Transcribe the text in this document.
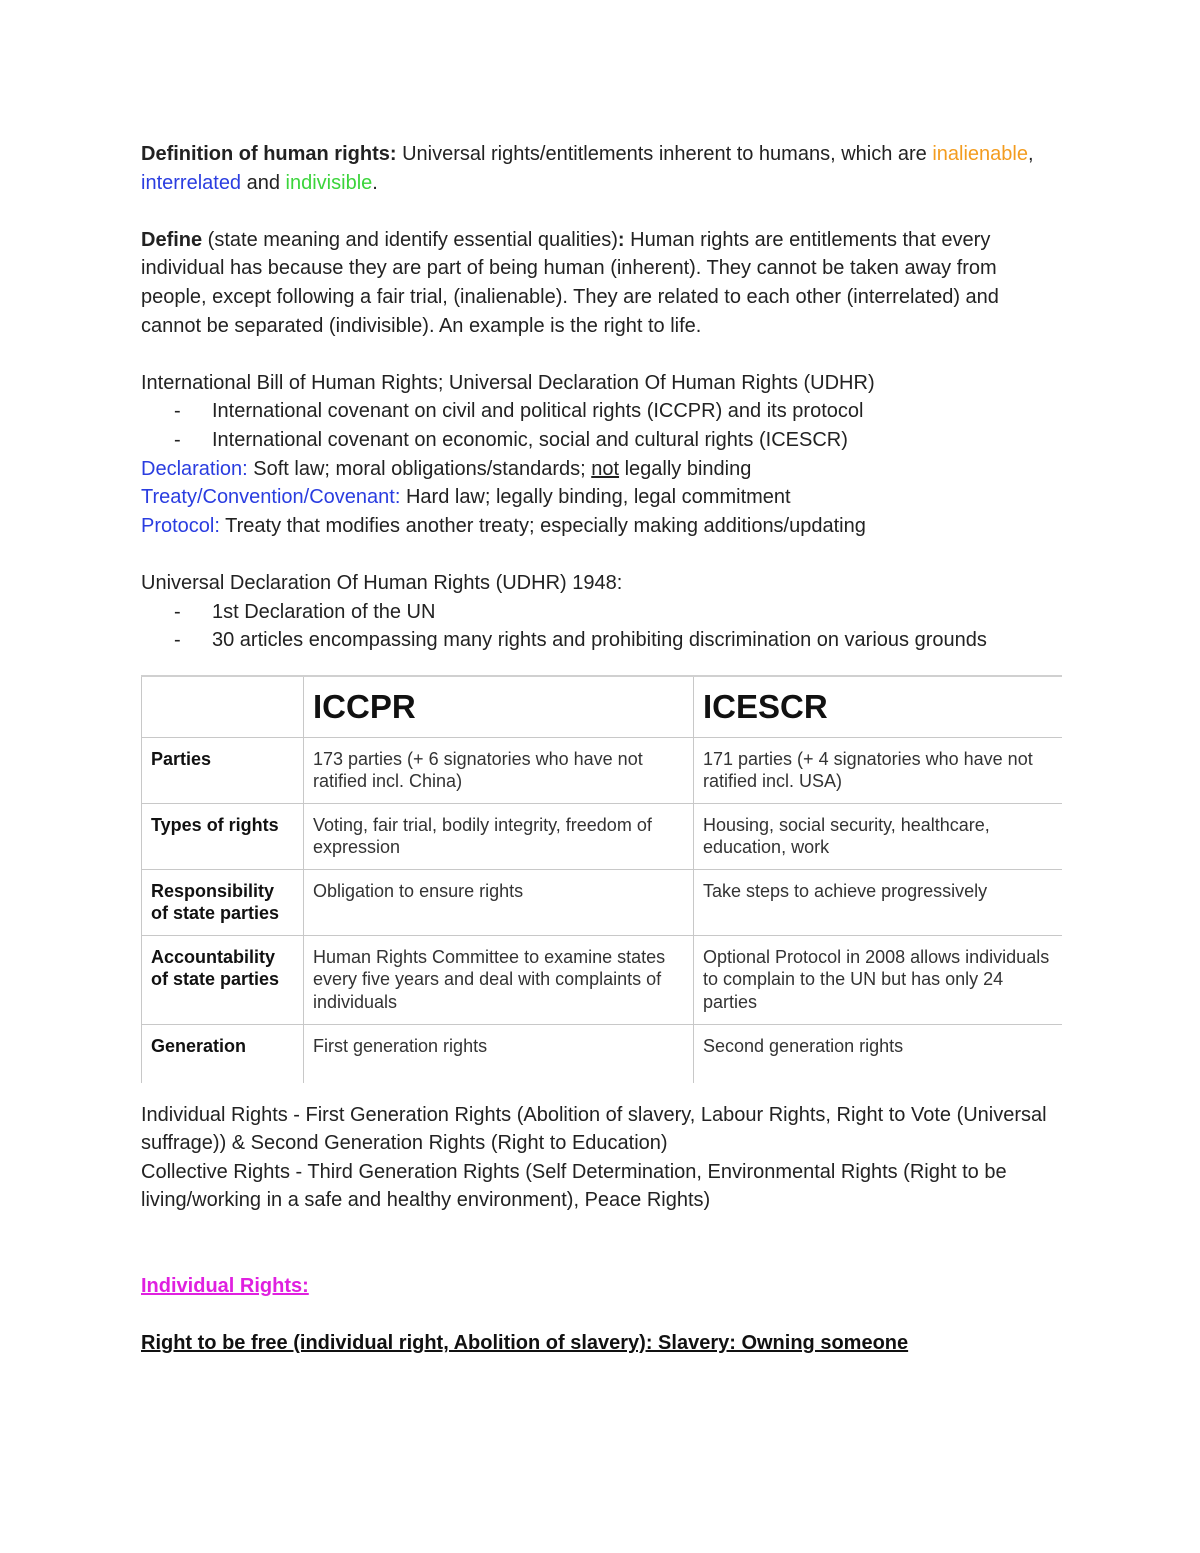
Definition of human rights: Universal rights/entitlements inherent to humans, which are inalienable, interrelated and indivisible.

Define (state meaning and identify essential qualities): Human rights are entitlements that every individual has because they are part of being human (inherent). They cannot be taken away from people, except following a fair trial, (inalienable). They are related to each other (interrelated) and cannot be separated (indivisible). An example is the right to life.

International Bill of Human Rights; Universal Declaration Of Human Rights (UDHR)

- International covenant on civil and political rights (ICCPR) and its protocol
- International covenant on economic, social and cultural rights (ICESCR)

Declaration: Soft law; moral obligations/standards; not legally binding

Treaty/Convention/Covenant: Hard law; legally binding, legal commitment

Protocol: Treaty that modifies another treaty; especially making additions/updating

Universal Declaration Of Human Rights (UDHR) 1948:

- 1st Declaration of the UN
- 30 articles encompassing many rights and prohibiting discrimination on various grounds
	ICCPR	ICESCR
Parties	173 parties (+ 6 signatories who have not ratified incl. China)	171 parties (+ 4 signatories who have not ratified incl. USA)
Types of rights	Voting, fair trial, bodily integrity, freedom of expression	Housing, social security, healthcare, education, work
Responsibility of state parties	Obligation to ensure rights	Take steps to achieve progressively
Accountability of state parties	Human Rights Committee to examine states every five years and deal with complaints of individuals	Optional Protocol in 2008 allows individuals to complain to the UN but has only 24 parties
Generation	First generation rights	Second generation rights

Individual Rights - First Generation Rights (Abolition of slavery, Labour Rights, Right to Vote (Universal suffrage)) & Second Generation Rights (Right to Education)

Collective Rights - Third Generation Rights (Self Determination, Environmental Rights (Right to be living/working in a safe and healthy environment), Peace Rights)

Individual Rights:

Right to be free (individual right, Abolition of slavery): Slavery: Owning someone
